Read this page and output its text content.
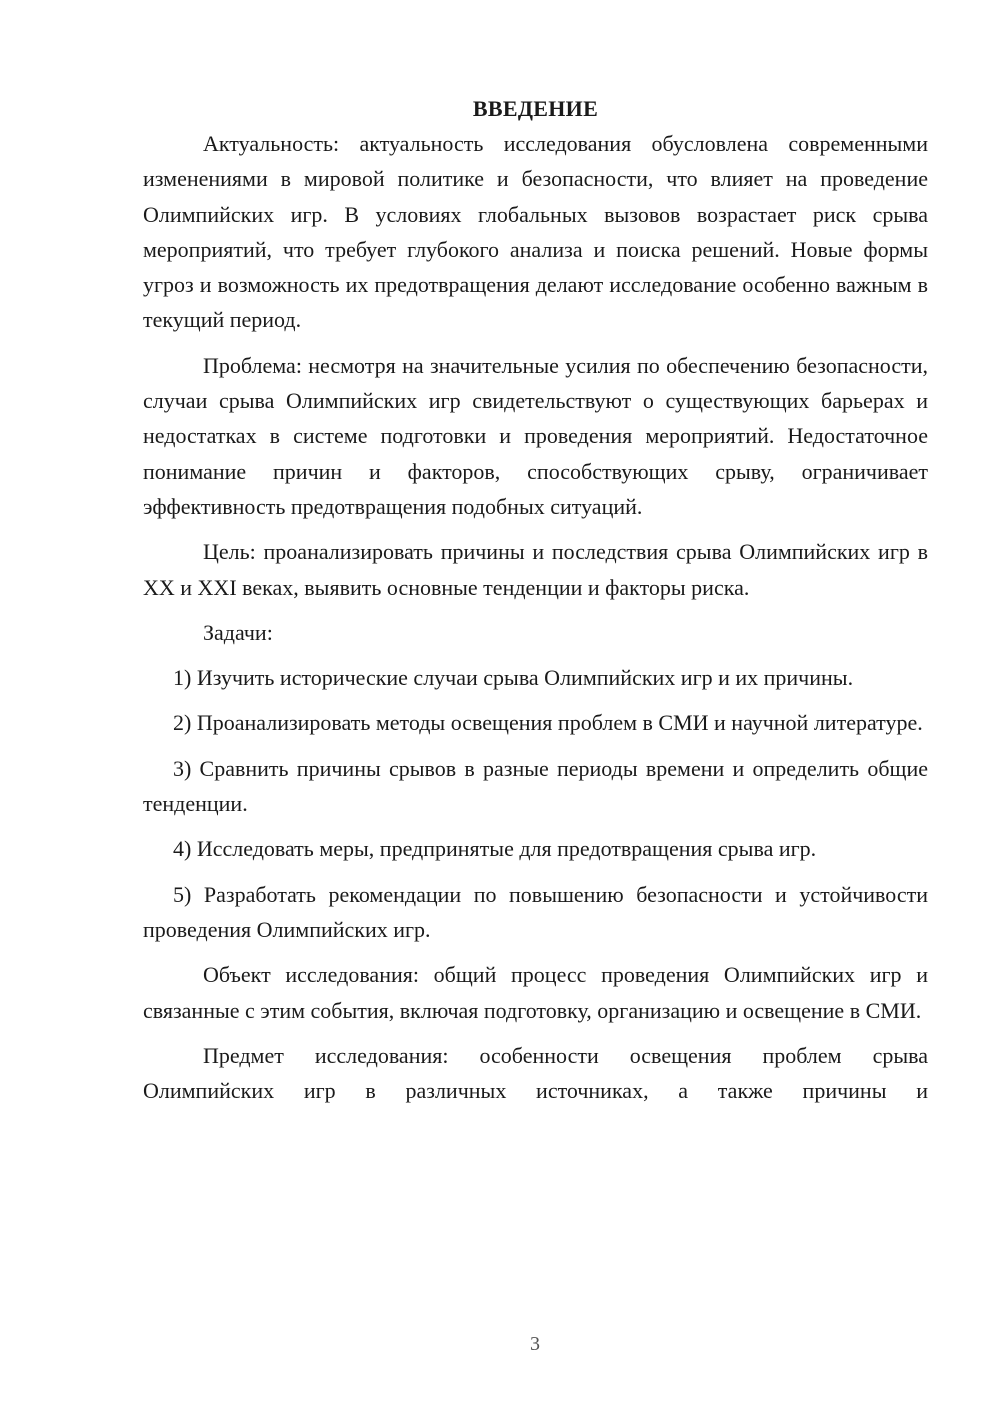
ВВЕДЕНИЕ

Актуальность: актуальность исследования обусловлена современными изменениями в мировой политике и безопасности, что влияет на проведение Олимпийских игр. В условиях глобальных вызовов возрастает риск срыва мероприятий, что требует глубокого анализа и поиска решений. Новые формы угроз и возможность их предотвращения делают исследование особенно важным в текущий период.

Проблема: несмотря на значительные усилия по обеспечению безопасности, случаи срыва Олимпийских игр свидетельствуют о существующих барьерах и недостатках в системе подготовки и проведения мероприятий. Недостаточное понимание причин и факторов, способствующих срыву, ограничивает эффективность предотвращения подобных ситуаций.

Цель: проанализировать причины и последствия срыва Олимпийских игр в XX и XXI веках, выявить основные тенденции и факторы риска.

Задачи:

1) Изучить исторические случаи срыва Олимпийских игр и их причины.

2) Проанализировать методы освещения проблем в СМИ и научной литературе.

3) Сравнить причины срывов в разные периоды времени и определить общие тенденции.

4) Исследовать меры, предпринятые для предотвращения срыва игр.

5) Разработать рекомендации по повышению безопасности и устойчивости проведения Олимпийских игр.

Объект исследования: общий процесс проведения Олимпийских игр и связанные с этим события, включая подготовку, организацию и освещение в СМИ.

Предмет исследования: особенности освещения проблем срыва Олимпийских игр в различных источниках, а также причины и

3
